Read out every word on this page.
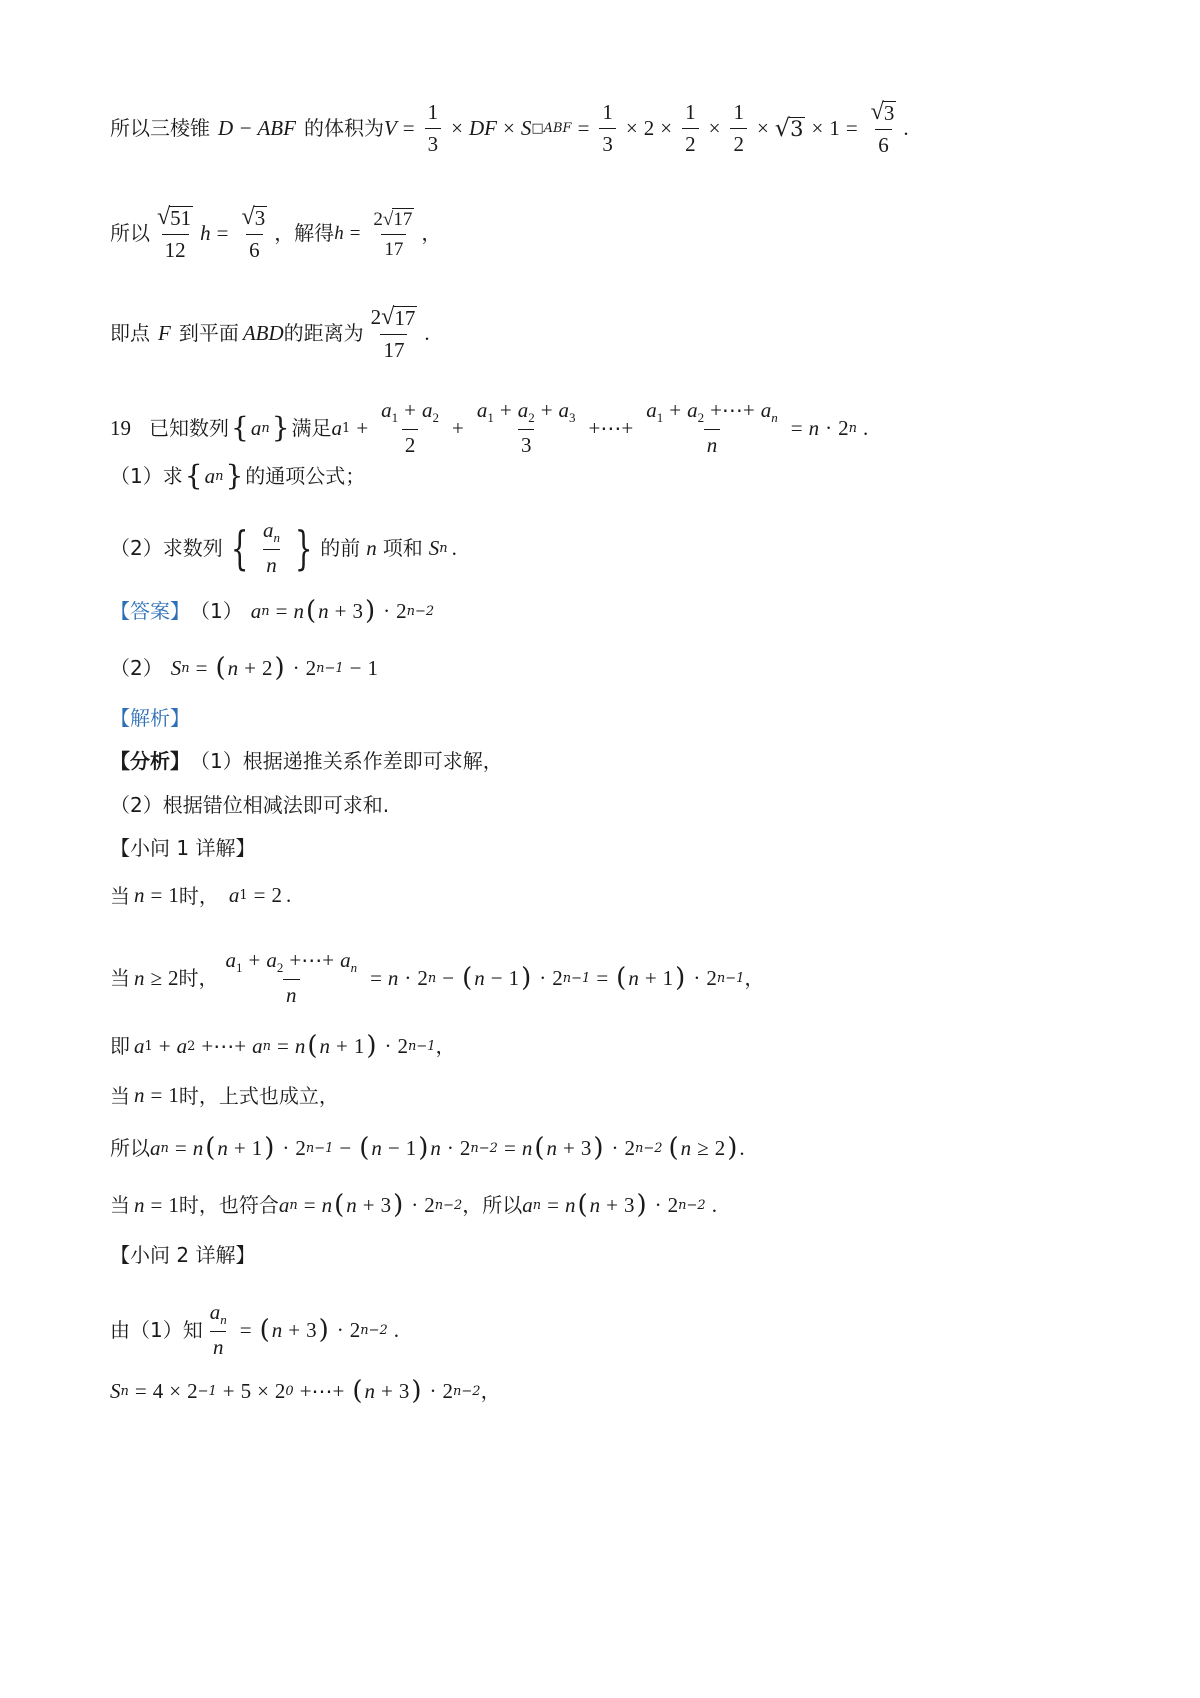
所以三棱锥 D − ABF 的体积为 $V = \frac{1}{3}$ × DF × S □ ABF = $\frac{1}{3} \times 2 \times \frac{1}{2} \times \frac{1}{2}$ × √ $3 \times 1 = \frac{√ 3}{6}$ .
所以 $\frac{√ 51}{12}$ $h = \frac{√ 3}{6}$ ，解得 $h = \frac{2 √ 17}{17}$ ，
即点 F 到平面 ABD 的距离为 $\frac{2 √ 17}{17}$ .
19 已知数列 { a n } 满足 a $1 + \frac{a_1 + a_2}{2} + \frac{a_1 + a_2 + a_3}{3}$ +⋯+ $\frac{a_1 + a_2 +\cdots+ a_n}{n} = n \cdot 2$ n .
（1）求 { a n } 的通项公式；
（2）求数列 { $\frac{a_n}{n}$ } 的前 n 项和 S n .
【答案】 （1） a n = n ( n + 3 ) · 2 n−2
（2） S n = ( n + 2 ) · 2 n−1 − 1
【解析】
【分析】 （1）根据递推关系作差即可求解，
（2）根据错位相减法即可求和.
【小问 1 详解】
当 n = 1 时， a 1 = 2 .
当 n ≥ 2 时， $\frac{a_1 + a_2 +\cdots+ a_n}{n} = n \cdot 2$ n − ( n − 1 ) · 2 n−1 = ( n + 1 ) · 2 n−1 ，
即 a 1 + a 2 +⋯+ a n = n ( n + 1 ) · 2 n−1 ，
当 n = 1 时，上式也成立，
所以 a n = n ( n + 1 ) · 2 n−1 − ( n − 1 ) n · 2 n−2 = n ( n + 3 ) · 2 n−2 ( n ≥ 2 ) .
当 n = 1 时，也符合 a n = n ( n + 3 ) · 2 n−2 ，所以 a n = n ( n + 3 ) · 2 n−2 .
【小问 2 详解】
由（1）知 $\frac{a_n}{n}$ = ( n + 3 ) · 2 n−2 .
S n = 4 × 2 −1 + 5 × 2 0 +⋯+ ( n + 3 ) · 2 n−2 ，
